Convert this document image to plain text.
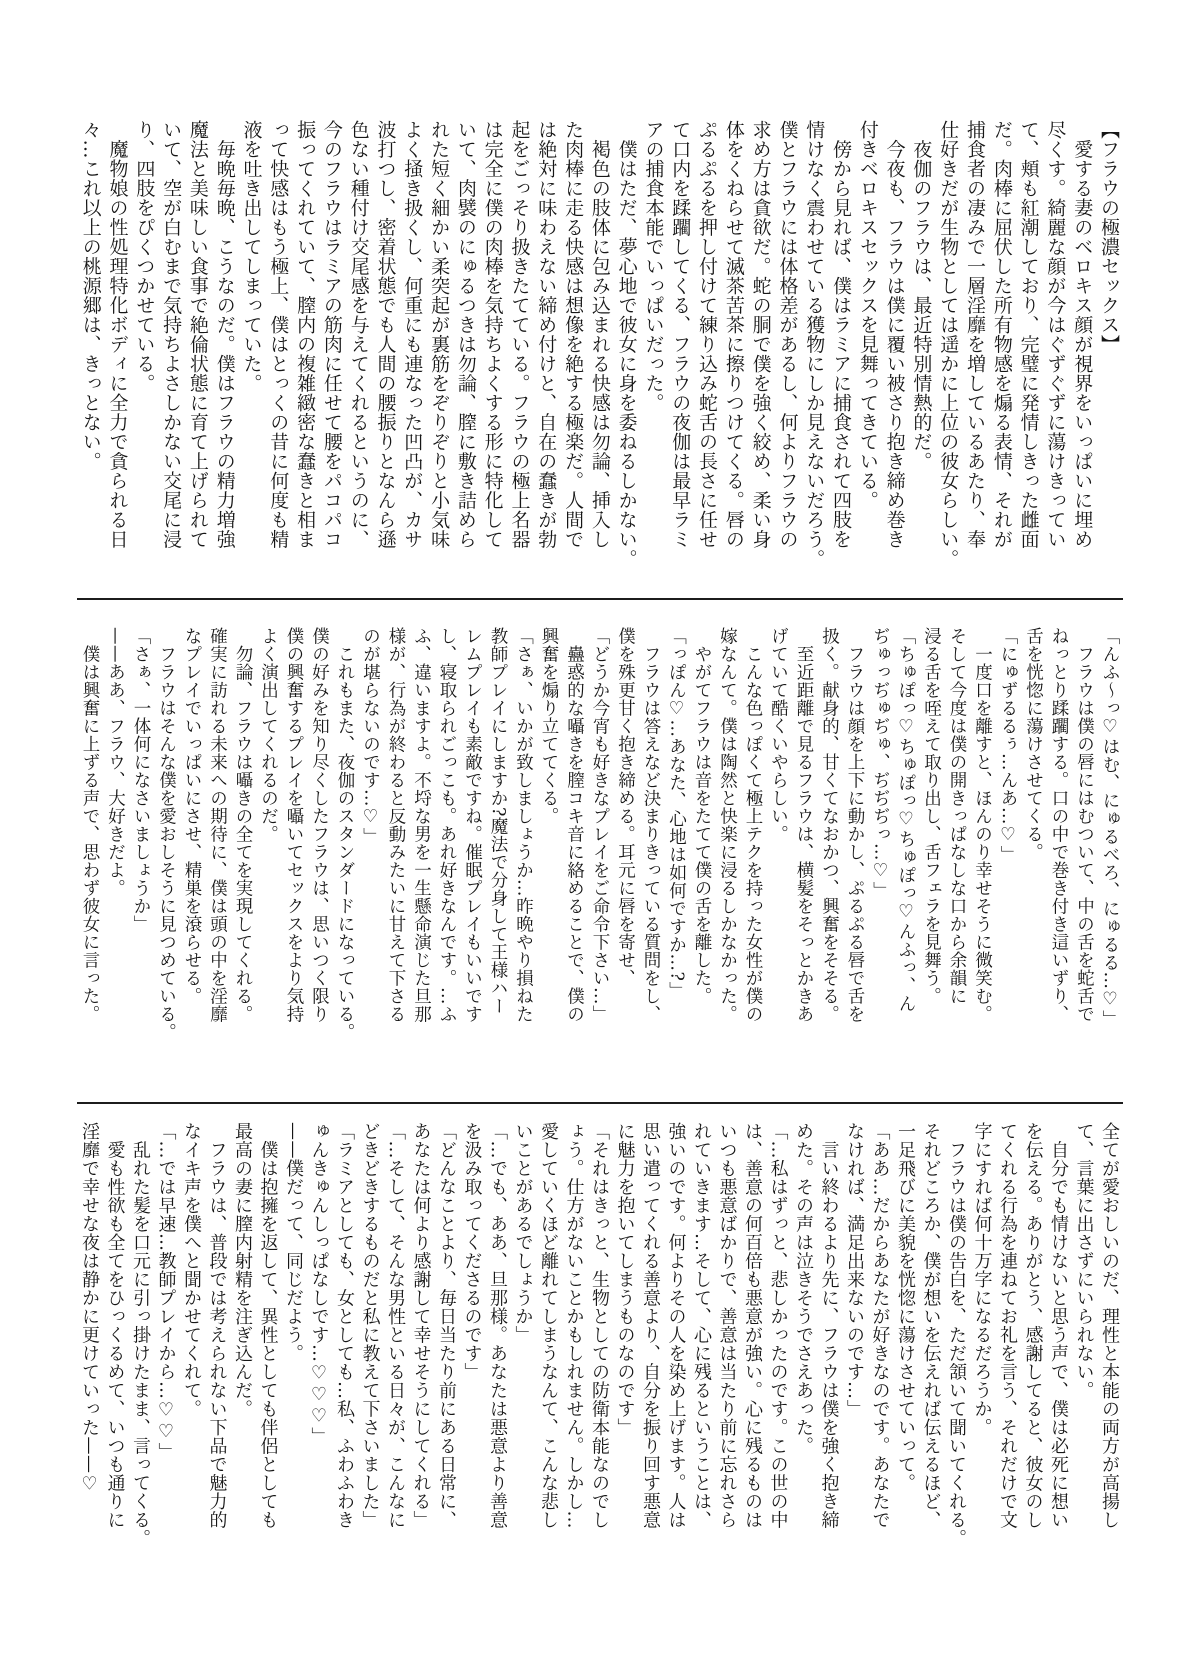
【フラウの極濃セックス】
　愛する妻のベロキス顔が視界をいっぱいに埋め
尽くす。綺麗な顔が今はぐずぐずに蕩けきってい
て、頬も紅潮しており、完璧に発情しきった雌面
だ。肉棒に屈伏した所有物感を煽る表情、それが
捕食者の凄みで一層淫靡を増しているあたり、奉
仕好きだが生物としては遥かに上位の彼女らしい。
　夜伽のフラウは、最近特別情熱的だ。
　今夜も、フラウは僕に覆い被さり抱き締め巻き
付きベロキスセックスを見舞ってきている。
　傍から見れば、僕はラミアに捕食されて四肢を
情けなく震わせている獲物にしか見えないだろう。
僕とフラウには体格差があるし、何よりフラウの
求め方は貪欲だ。蛇の胴で僕を強く絞め、柔い身
体をくねらせて滅茶苦茶に擦りつけてくる。唇の
ぷるぷるを押し付けて練り込み蛇舌の長さに任せ
て口内を蹂躙してくる、フラウの夜伽は最早ラミ
アの捕食本能でいっぱいだった。
　僕はただ、夢心地で彼女に身を委ねるしかない。
　褐色の肢体に包み込まれる快感は勿論、挿入し
た肉棒に走る快感は想像を絶する極楽だ。人間で
は絶対に味わえない締め付けと、自在の蠢きが勃
起をごっそり扱きたてている。フラウの極上名器
は完全に僕の肉棒を気持ちよくする形に特化して
いて、肉襞のにゅるつきは勿論、膣に敷き詰めら
れた短く細かい柔突起が裏筋をぞりぞりと小気味
よく掻き扱くし、何重にも連なった凹凸が、カサ
波打つし、密着状態でも人間の腰振りとなんら遜
色ない種付け交尾感を与えてくれるというのに、
今のフラウはラミアの筋肉に任せて腰をパコパコ
振ってくれていて、膣内の複雑緻密な蠢きと相ま
って快感はもう極上、僕はとっくの昔に何度も精
液を吐き出してしまっていた。
　毎晩毎晩、こうなのだ。僕はフラウの精力増強
魔法と美味しい食事で絶倫状態に育て上げられて
いて、空が白むまで気持ちよさしかない交尾に浸
り、四肢をぴくつかせている。
　魔物娘の性処理特化ボディに全力で貪られる日
々…これ以上の桃源郷は、きっとない。
「んふ〜っ♡はむ、にゅるべろ、にゅるる…♡」
　フラウは僕の唇にはむついて、中の舌を蛇舌で
ねっとり蹂躙する。口の中で巻き付き這いずり、
舌を恍惚に蕩けさせてくる。
「にゅずるるぅ…んあ…♡」
　一度口を離すと、ほんのり幸せそうに微笑む。
そして今度は僕の開きっぱなしな口から余韻に
浸る舌を咥えて取り出し、舌フェラを見舞う。
「ちゅぽっ♡ちゅぽっ♡ちゅぽっ♡んふっ、ん
ぢゅっぢゅぢゅ、ぢぢぢっ…♡」
　フラウは顔を上下に動かし、ぷるぷる唇で舌を
扱く。献身的、甘くてなおかつ、興奮をそそる。
　至近距離で見るフラウは、横髪をそっとかきあ
げていて酷くいやらしい。
　こんな色っぽくて極上テクを持った女性が僕の
嫁なんて。僕は陶然と快楽に浸るしかなかった。
　やがてフラウは音をたてて僕の舌を離した。
「っぽん♡…あなた、心地は如何ですか…?」
　フラウは答えなど決まりきっている質問をし、
僕を殊更甘く抱き締める。耳元に唇を寄せ、
「どうか今宵も好きなプレイをご命令下さい…」
　蠱惑的な囁きを膣コキ音に絡めることで、僕の
興奮を煽り立ててくる。
「さぁ、いかが致しましょうか…昨晩やり損ねた
教師プレイにしますか?魔法で分身して王様ハー
レムプレイも素敵ですね。催眠プレイもいいです
し、寝取られごっこも。あれ好きなんです。…ふ
ふ、違いますよ。不埒な男を一生懸命演じた旦那
様が、行為が終わると反動みたいに甘えて下さる
のが堪らないのです…♡」
　これもまた、夜伽のスタンダードになっている。
僕の好みを知り尽くしたフラウは、思いつく限り
僕の興奮するプレイを囁いてセックスをより気持
よく演出してくれるのだ。
　勿論、フラウは囁きの全てを実現してくれる。
確実に訪れる未来への期待に、僕は頭の中を淫靡
なプレイでいっぱいにさせ、精巣を滾らせる。
　フラウはそんな僕を愛おしそうに見つめている。
「さぁ、一体何になさいましょうか」
——ああ、フラウ、大好きだよ。
　僕は興奮に上ずる声で、思わず彼女に言った。
全てが愛おしいのだ、理性と本能の両方が高揚し
て、言葉に出さずにいられない。
　自分でも情けないと思う声で、僕は必死に想い
を伝える。ありがとう、感謝してると、彼女のし
てくれる行為を連ねてお礼を言う、それだけで文
字にすれば何十万字になるだろうか。
　フラウは僕の告白を、ただ頷いて聞いてくれる。
それどころか、僕が想いを伝えれば伝えるほど、
一足飛びに美貌を恍惚に蕩けさせていって。
「ああ…だからあなたが好きなのです。あなたで
なければ、満足出来ないのです…」
　言い終わるより先に、フラウは僕を強く抱き締
めた。その声は泣きそうでさえあった。
「…私はずっと、悲しかったのです。この世の中
は、善意の何百倍も悪意が強い。心に残るものは
いつも悪意ばかりで、善意は当たり前に忘れさら
れていきます…そして、心に残るということは、
強いのです。何よりその人を染め上げます。人は
思い遣ってくれる善意より、自分を振り回す悪意
に魅力を抱いてしまうものなのです」
「それはきっと、生物としての防衛本能なのでし
ょう。仕方がないことかもしれません。しかし…
愛していくほど離れてしまうなんて、こんな悲し
いことがあるでしょうか」
「…でも、ああ、旦那様。あなたは悪意より善意
を汲み取ってくださるのです」
「どんなことより、毎日当たり前にある日常に、
あなたは何より感謝して幸せそうにしてくれる」
「…そして、そんな男性といる日々が、こんなに
どきどきするものだと私に教えて下さいました」
「ラミアとしても、女としても…私、ふわふわき
ゅんきゅんしっぱなしです…♡♡♡」
——僕だって、同じだよう。
　僕は抱擁を返して、異性としても伴侶としても
最高の妻に膣内射精を注ぎ込んだ。
　フラウは、普段では考えられない下品で魅力的
なイキ声を僕へと聞かせてくれて。
「…では早速…教師プレイから…♡♡」
　乱れた髪を口元に引っ掛けたまま、言ってくる。
　愛も性欲も全てをひっくるめて、いつも通りに
淫靡で幸せな夜は静かに更けていった——♡
